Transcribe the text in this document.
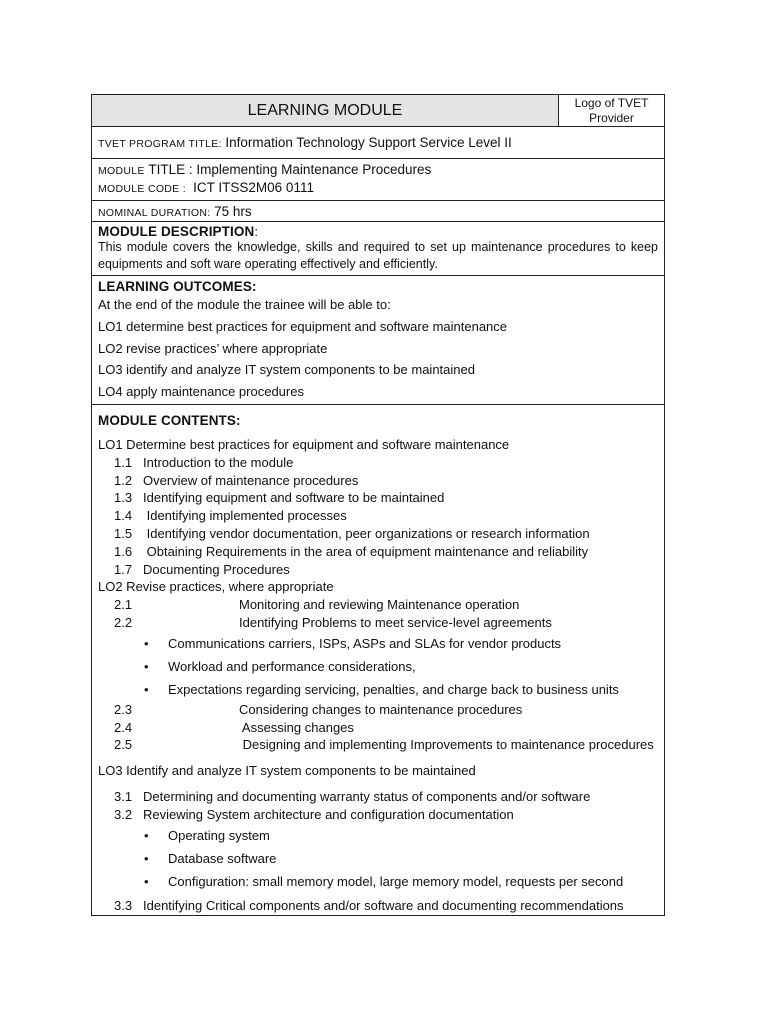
LEARNING MODULE	Logo of TVET Provider
TVET PROGRAM TITLE: Information Technology Support Service Level II

MODULE TITLE : Implementing Maintenance Procedures
MODULE CODE : ICT ITSS2M06 0111

NOMINAL DURATION: 75 hrs

MODULE DESCRIPTION:
This module covers the knowledge, skills and required to set up maintenance procedures to keep equipments and soft ware operating effectively and efficiently.

LEARNING OUTCOMES:
At the end of the module the trainee will be able to:
LO1 determine best practices for equipment and software maintenance
LO2 revise practices’ where appropriate
LO3 identify and analyze IT system components to be maintained
LO4 apply maintenance procedures

MODULE CONTENTS:
LO1 Determine best practices for equipment and software maintenance
1.1 Introduction to the module
1.2 Overview of maintenance procedures
1.3 Identifying equipment and software to be maintained
1.4 Identifying implemented processes
1.5 Identifying vendor documentation, peer organizations or research information
1.6 Obtaining Requirements in the area of equipment maintenance and reliability
1.7 Documenting Procedures
LO2 Revise practices, where appropriate
2.1	Monitoring and reviewing Maintenance operation
2.2	Identifying Problems to meet service-level agreements
• Communications carriers, ISPs, ASPs and SLAs for vendor products
• Workload and performance considerations,
• Expectations regarding servicing, penalties, and charge back to business units
2.3	Considering changes to maintenance procedures
2.4	Assessing changes
2.5	Designing and implementing Improvements to maintenance procedures
LO3 Identify and analyze IT system components to be maintained
3.1 Determining and documenting warranty status of components and/or software
3.2 Reviewing System architecture and configuration documentation
• Operating system
• Database software
• Configuration: small memory model, large memory model, requests per second
3.3 Identifying Critical components and/or software and documenting recommendations
